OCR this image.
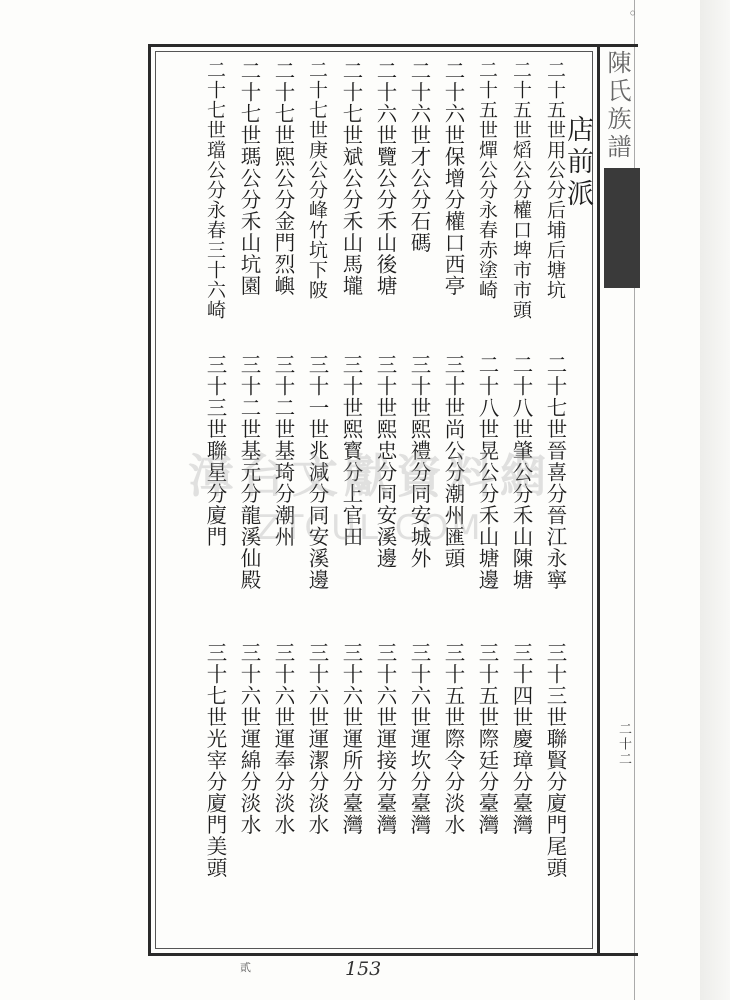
◦
陳氏族譜
二十二
店前派
二十五世用公分后埔后塘坑
二十五世熖公分權口埤市市頭
二十五世燀公分永春赤塗崎
二十六世保增分權口西亭
二十六世才公分石碼
二十六世覽公分禾山後塘
二十七世斌公分禾山馬壠
二十七世庚公分峰竹坑下陂
二十七世熙公分金門烈嶼
二十七世瑪公分禾山坑園
二十七世璫公分永春三十六崎
二十七世晉喜分晉江永寧
二十八世肇公分禾山陳塘
二十八世晃公分禾山塘邊
三十世尚公分潮州匯頭
三十世熙禮分同安城外
三十世熙忠分同安溪邊
三十世熙寳分上官田
三十一世兆減分同安溪邊
三十二世基琦分潮州
三十二世基元分龍溪仙殿
三十三世聯星分廈門
三十三世聯賢分廈門尾頭
三十四世慶璋分臺灣
三十五世際廷分臺灣
三十五世際令分淡水
三十六世運坎分臺灣
三十六世運接分臺灣
三十六世運所分臺灣
三十六世運潔分淡水
三十六世運奉分淡水
三十六世運綿分淡水
三十七世光宰分廈門美頭
漳台文獻資料網
ZTCUL.COM
153
貳
